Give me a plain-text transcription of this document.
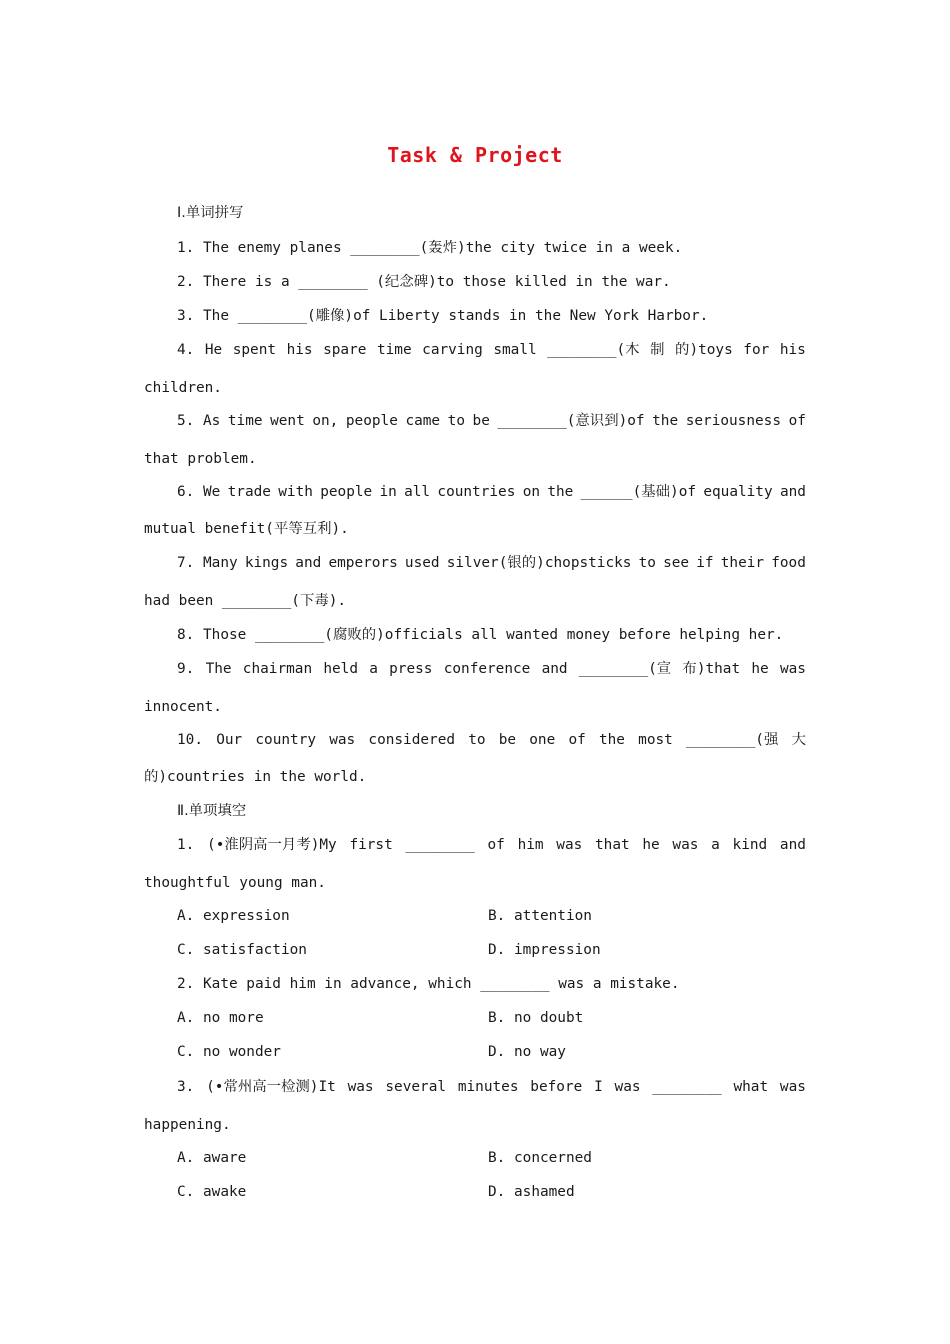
Task & Project
Ⅰ.单词拼写
1. The enemy planes ________(轰炸)the city twice in a week.
2. There is a ________ (纪念碑)to those killed in the war.
3. The ________(雕像)of Liberty stands in the New York Harbor.
4. He spent his spare time carving small ________(木 制 的)toys for his
children.
5. As time went on, people came to be ________(意识到)of the seriousness of
that problem.
6. We trade with people in all countries on the ______(基础)of equality and
mutual benefit(平等互利).
7. Many kings and emperors used silver(银的)chopsticks to see if their food
had been ________(下毒).
8. Those ________(腐败的)officials all wanted money before helping her.
9. The chairman held a press conference and ________(宣 布)that he was
innocent.
10. Our country was considered to be one of the most ________(强 大
的)countries in the world.
Ⅱ.单项填空
1. (•淮阴高一月考)My first ________ of him was that he was a kind and
thoughtful young man.
A. expression	B. attention
C. satisfaction	D. impression
2. Kate paid him in advance, which ________ was a mistake.
A. no more	B. no doubt
C. no wonder	D. no way
3. (•常州高一检测)It was several minutes before I was ________ what was
happening.
A. aware	B. concerned
C. awake	D. ashamed
